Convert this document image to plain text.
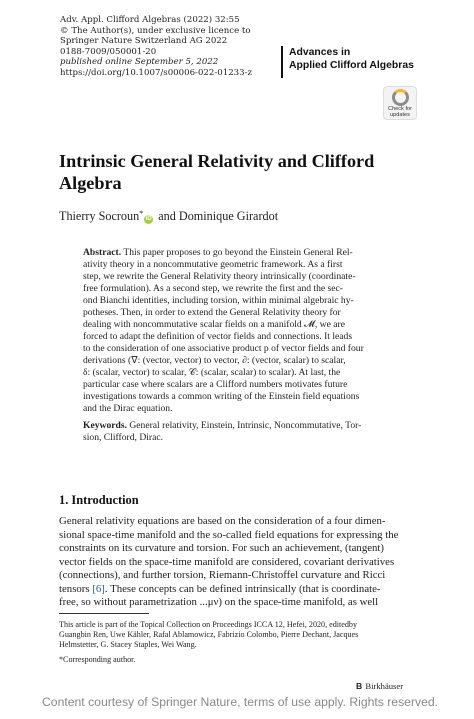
Adv. Appl. Clifford Algebras (2022) 32:55
© The Author(s), under exclusive licence to
Springer Nature Switzerland AG 2022
0188-7009/050001-20
published online September 5, 2022
https://doi.org/10.1007/s00006-022-01233-z
Advances in
Applied Clifford Algebras
Check for
updates
Intrinsic General Relativity and Clifford
Algebra
Thierry Socroun*iD and Dominique Girardot
Abstract. This paper proposes to go beyond the Einstein General Rel-
ativity theory in a noncommutative geometric framework. As a first
step, we rewrite the General Relativity theory intrinsically (coordinate-
free formulation). As a second step, we rewrite the first and the sec-
ond Bianchi identities, including torsion, within minimal algebraic hy-
potheses. Then, in order to extend the General Relativity theory for
dealing with noncommutative scalar fields on a manifold 𝓜, we are
forced to adapt the definition of vector fields and connections. It leads
to the consideration of one associative product p of vector fields and four
derivations (∇: (vector, vector) to vector, ∂: (vector, scalar) to scalar,
δ: (scalar, vector) to scalar, 𝒞: (scalar, scalar) to scalar). At last, the
particular case where scalars are a Clifford numbers motivates future
investigations towards a common writing of the Einstein field equations
and the Dirac equation.
Keywords. General relativity, Einstein, Intrinsic, Noncommutative, Tor-
sion, Clifford, Dirac.
1. Introduction
General relativity equations are based on the consideration of a four dimen-
sional space-time manifold and the so-called field equations for expressing the
constraints on its curvature and torsion. For such an achievement, (tangent)
vector fields on the space-time manifold are considered, covariant derivatives
(connections), and further torsion, Riemann-Christoffel curvature and Ricci
tensors [6]. These concepts can be defined intrinsically (that is coordinate-
free, so without parametrization ...μν) on the space-time manifold, as well
This article is part of the Topical Collection on Proceedings ICCA 12, Hefei, 2020, editedby
Guangbin Ren, Uwe Kähler, Rafal Ablamowicz, Fabrizio Colombo, Pierre Dechant, Jacques
Helmstetter, G. Stacey Staples, Wei Wang.
*Corresponding author.
B Birkhäuser
Content courtesy of Springer Nature, terms of use apply. Rights reserved.
